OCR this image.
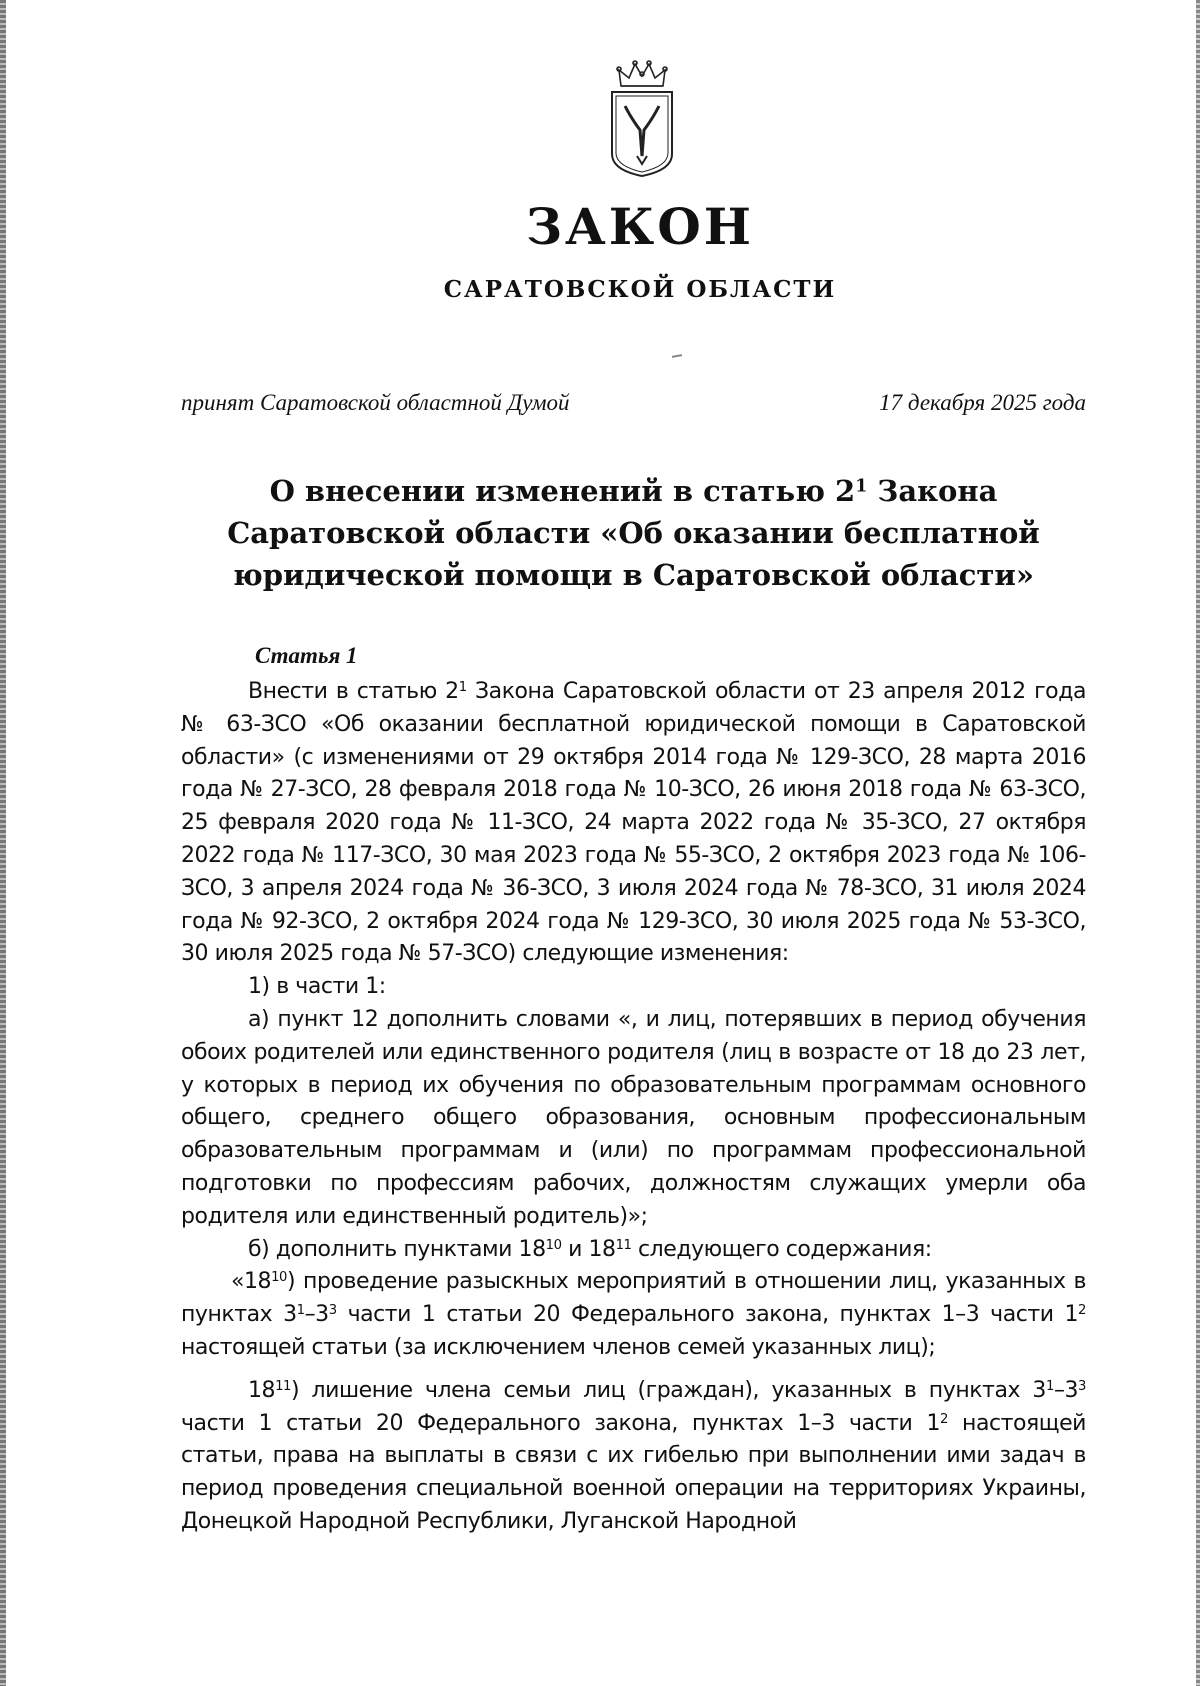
ЗАКОН
САРАТОВСКОЙ ОБЛАСТИ
принят Саратовской областной Думой	17 декабря 2025 года
О внесении изменений в статью $2^1$ Закона Саратовской области «Об оказании бесплатной юридической помощи в Саратовской области»
Статья 1

Внести в статью $2^1$ Закона Саратовской области от 23 апреля 2012 года № 63-ЗСО «Об оказании бесплатной юридической помощи в Саратовской области» (с изменениями от 29 октября 2014 года № 129-ЗСО, 28 марта 2016 года № 27-ЗСО, 28 февраля 2018 года № 10-ЗСО, 26 июня 2018 года № 63-ЗСО, 25 февраля 2020 года № 11-ЗСО, 24 марта 2022 года № 35-ЗСО, 27 октября 2022 года № 117-ЗСО, 30 мая 2023 года № 55-ЗСО, 2 октября 2023 года № 106-ЗСО, 3 апреля 2024 года № 36-ЗСО, 3 июля 2024 года № 78-ЗСО, 31 июля 2024 года № 92-ЗСО, 2 октября 2024 года № 129-ЗСО, 30 июля 2025 года № 53-ЗСО, 30 июля 2025 года № 57-ЗСО) следующие изменения:

1) в части 1:

а) пункт 12 дополнить словами «, и лиц, потерявших в период обучения обоих родителей или единственного родителя (лиц в возрасте от 18 до 23 лет, у которых в период их обучения по образовательным программам основного общего, среднего общего образования, основным профессиональным образовательным программам и (или) по программам профессиональной подготовки по профессиям рабочих, должностям служащих умерли оба родителя или единственный родитель)»;

б) дополнить пунктами $18^{10}$ и $18^{11}$ следующего содержания:

«$18^{10}$) проведение разыскных мероприятий в отношении лиц, указанных в пунктах $3^1-3^3$ части 1 статьи 20 Федерального закона, пунктах 1–3 части $1^2$ настоящей статьи (за исключением членов семей указанных лиц);

$18^{11}$) лишение члена семьи лиц (граждан), указанных в пунктах $3^1-3^3$ части 1 статьи 20 Федерального закона, пунктах 1–3 части $1^2$ настоящей статьи, права на выплаты в связи с их гибелью при выполнении ими задач в период проведения специальной военной операции на территориях Украины, Донецкой Народной Республики, Луганской Народной
